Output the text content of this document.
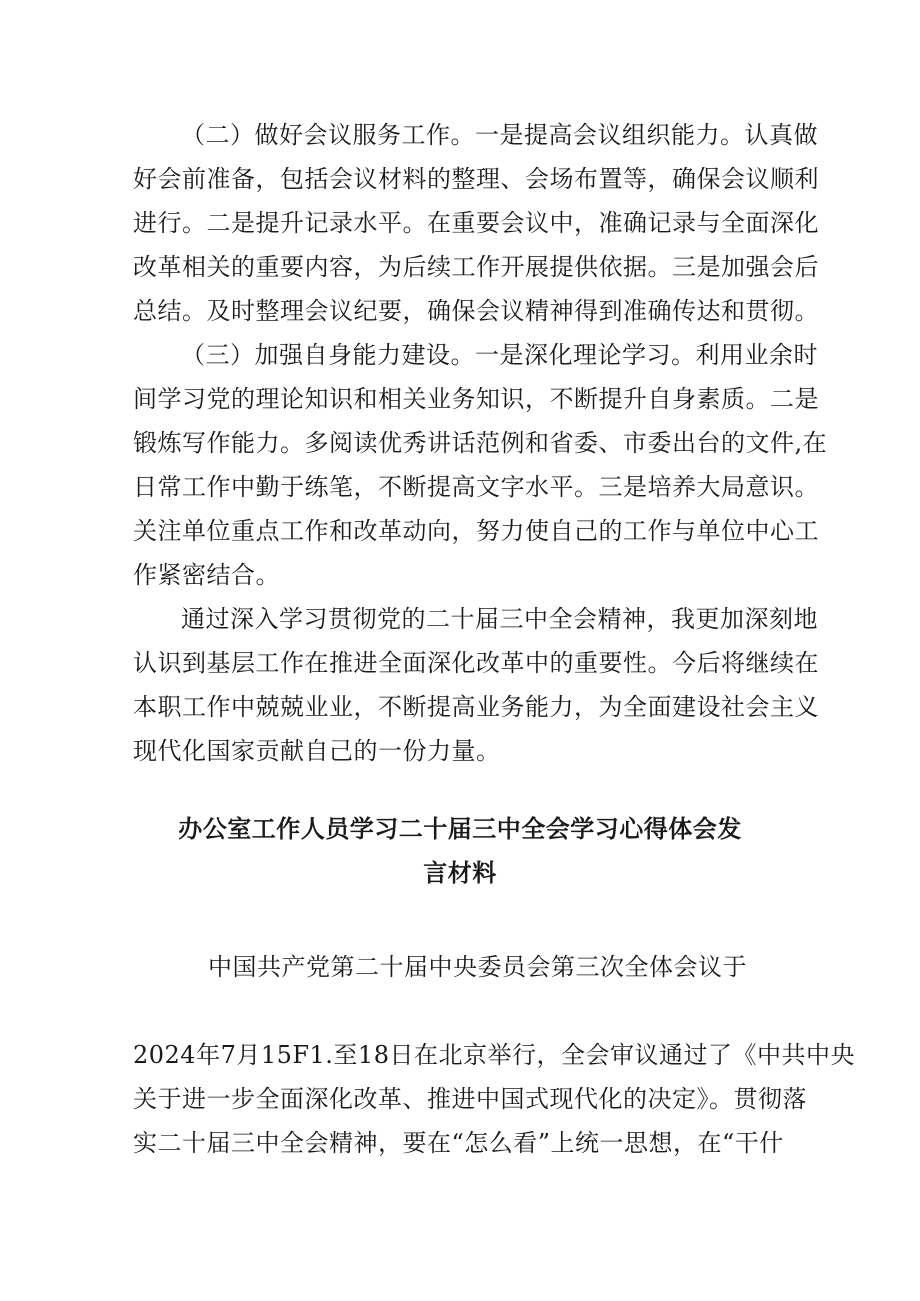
（二）做好会议服务工作。一是提高会议组织能力。认真做
好会前准备，包括会议材料的整理、会场布置等，确保会议顺利
进行。二是提升记录水平。在重要会议中，准确记录与全面深化
改革相关的重要内容，为后续工作开展提供依据。三是加强会后
总结。及时整理会议纪要，确保会议精神得到准确传达和贯彻。
（三）加强自身能力建设。一是深化理论学习。利用业余时
间学习党的理论知识和相关业务知识，不断提升自身素质。二是
锻炼写作能力。多阅读优秀讲话范例和省委、市委出台的文件,在
日常工作中勤于练笔，不断提高文字水平。三是培养大局意识。
关注单位重点工作和改革动向，努力使自己的工作与单位中心工
作紧密结合。
通过深入学习贯彻党的二十届三中全会精神，我更加深刻地
认识到基层工作在推进全面深化改革中的重要性。今后将继续在
本职工作中兢兢业业，不断提高业务能力，为全面建设社会主义
现代化国家贡献自己的一份力量。
办公室工作人员学习二十届三中全会学习心得体会发
言材料
中国共产党第二十届中央委员会第三次全体会议于
2024年7月15F1.至18日在北京举行，全会审议通过了《中共中央
关于进一步全面深化改革、推进中国式现代化的决定》。贯彻落
实二十届三中全会精神，要在“怎么看”上统一思想，在“干什
